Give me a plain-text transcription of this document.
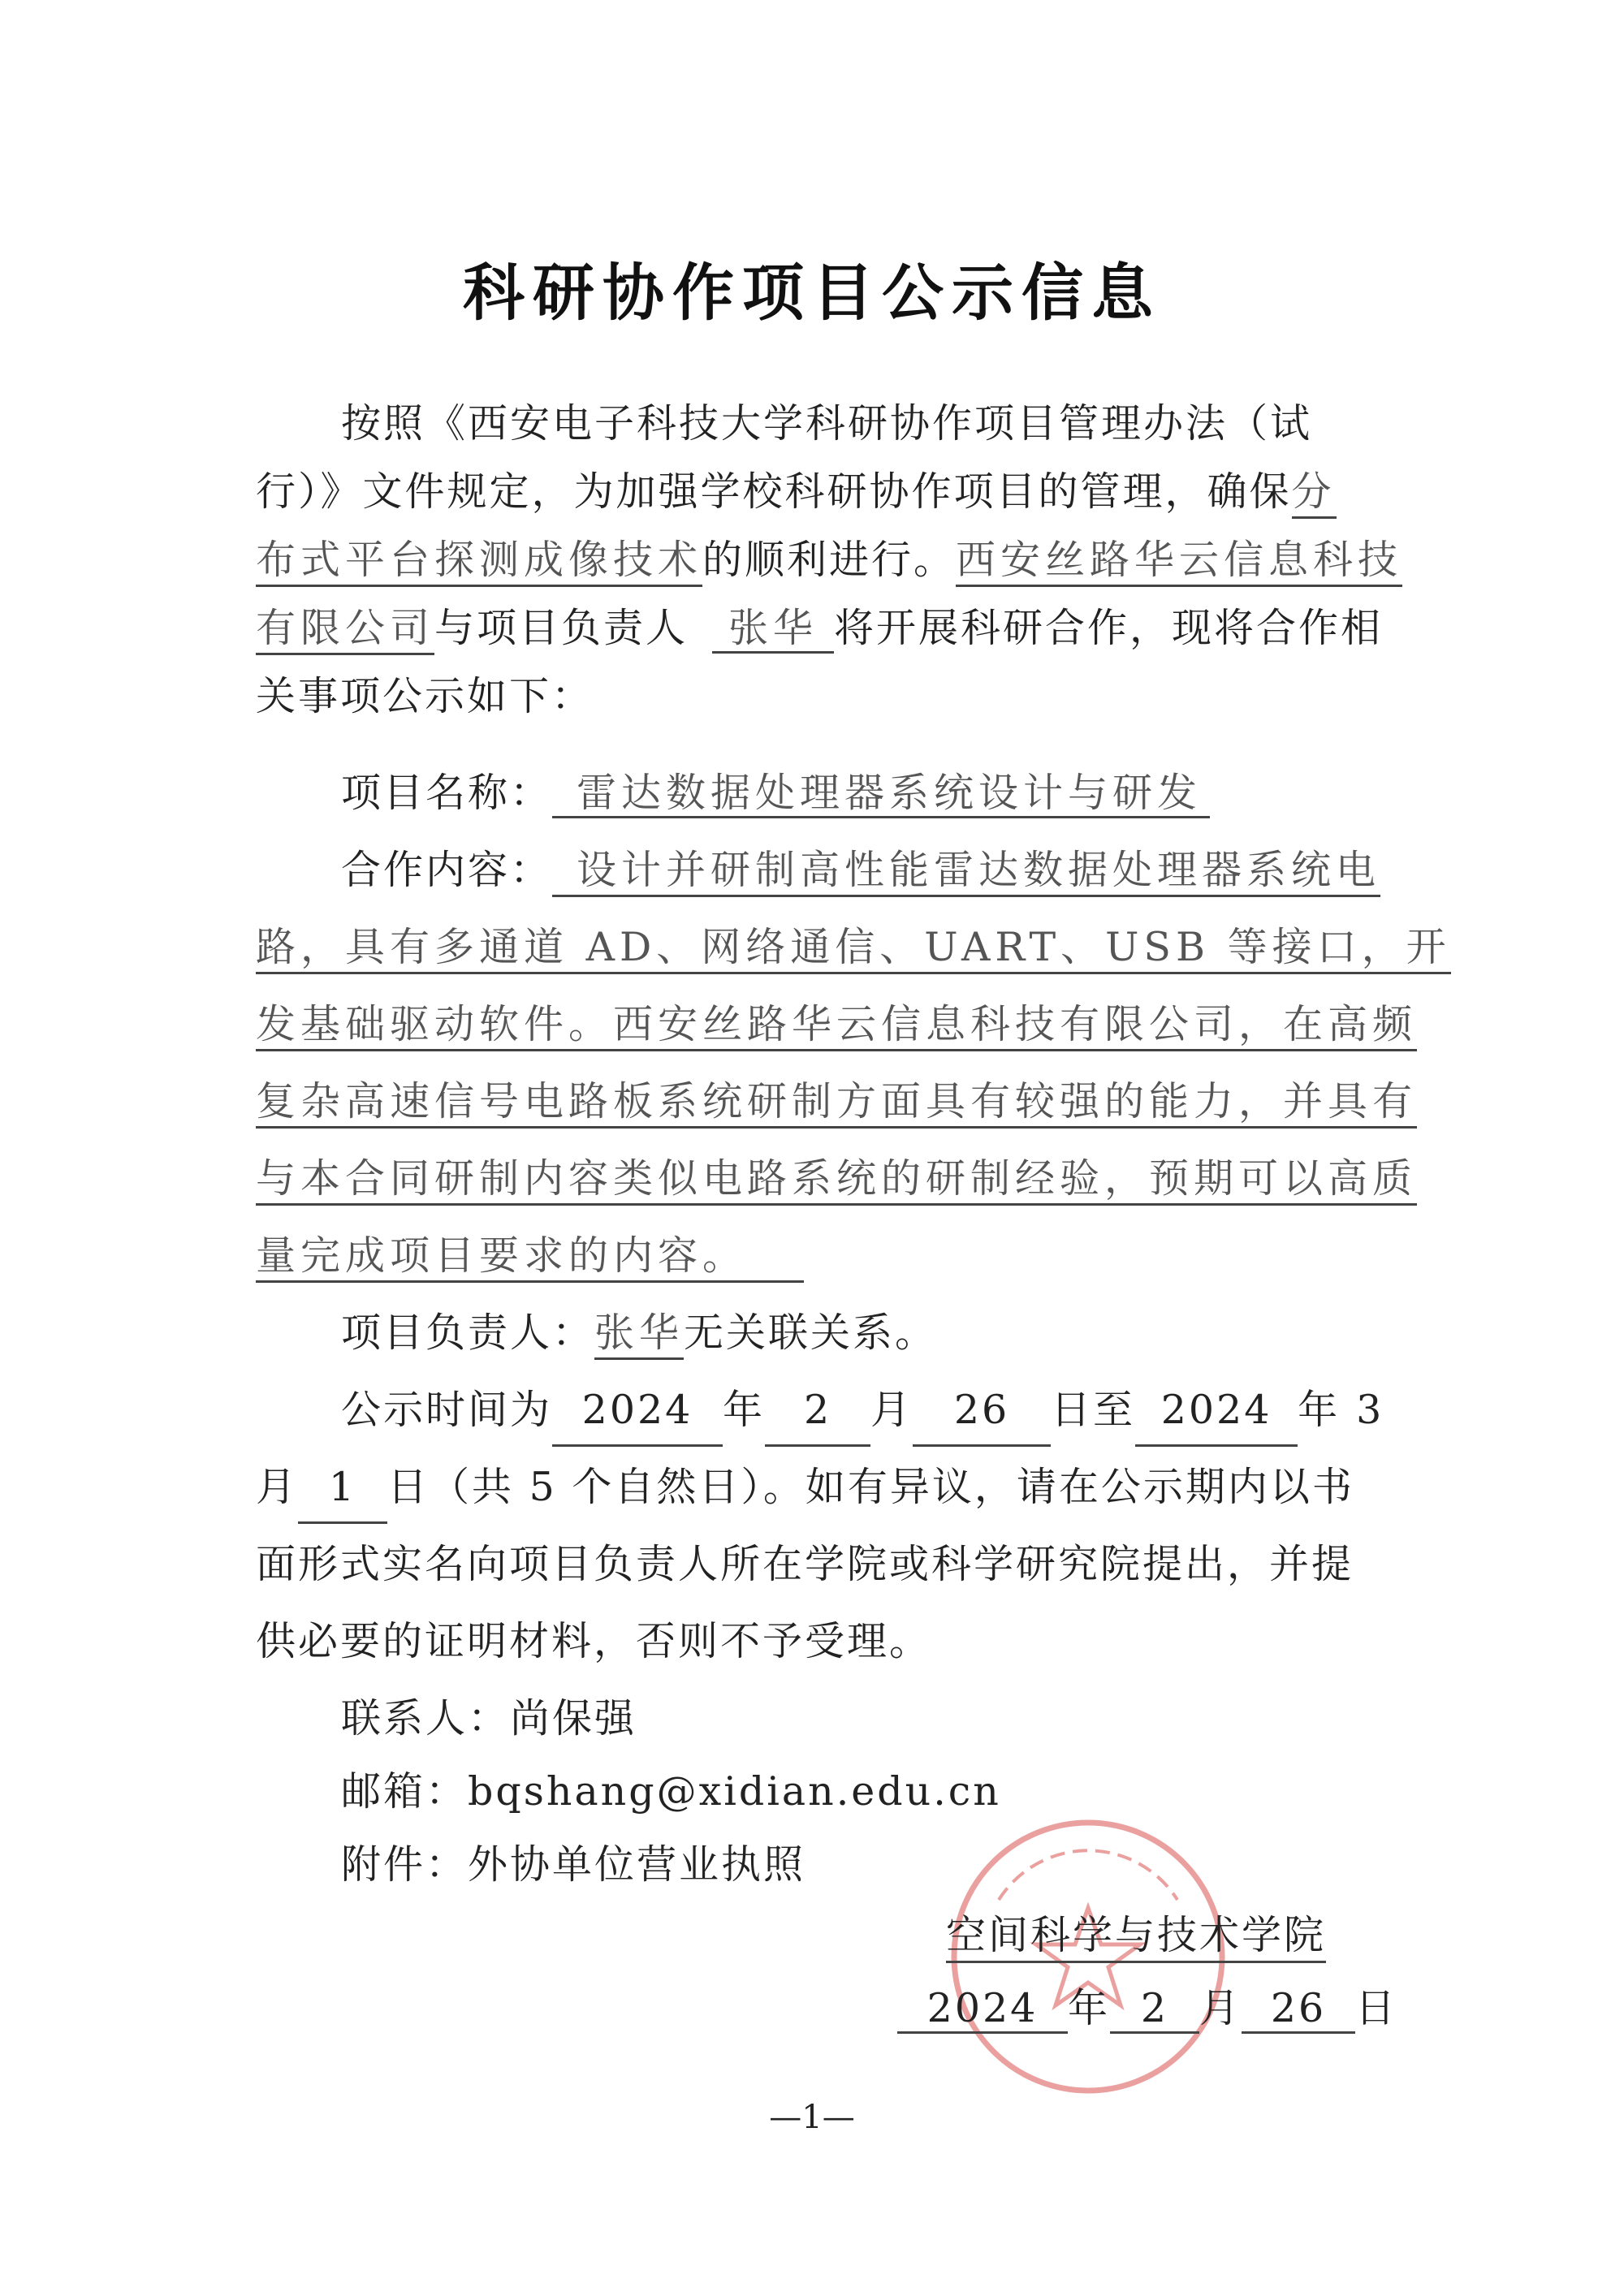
科研协作项目公示信息
按照《西安电子科技大学科研协作项目管理办法（试
行）》文件规定，为加强学校科研协作项目的管理，确保分
布式平台探测成像技术的顺利进行。西安丝路华云信息科技
有限公司与项目负责人 张华 将开展科研合作，现将合作相
关事项公示如下：
项目名称： 雷达数据处理器系统设计与研发
合作内容： 设计并研制高性能雷达数据处理器系统电
路，具有多通道 AD、网络通信、UART、USB 等接口，开
发基础驱动软件。西安丝路华云信息科技有限公司，在高频
复杂高速信号电路板系统研制方面具有较强的能力，并具有
与本合同研制内容类似电路系统的研制经验，预期可以高质
量完成项目要求的内容。
项目负责人：张华无关联关系。
公示时间为 2024 年 2 月 26 日至 2024 年 3
月 1 日（共 5 个自然日）。如有异议，请在公示期内以书
面形式实名向项目负责人所在学院或科学研究院提出，并提
供必要的证明材料，否则不予受理。
联系人：尚保强
邮箱：bqshang@xidian.edu.cn
附件：外协单位营业执照
空间科学与技术学院
2024 年 2 月 26 日
—1—
